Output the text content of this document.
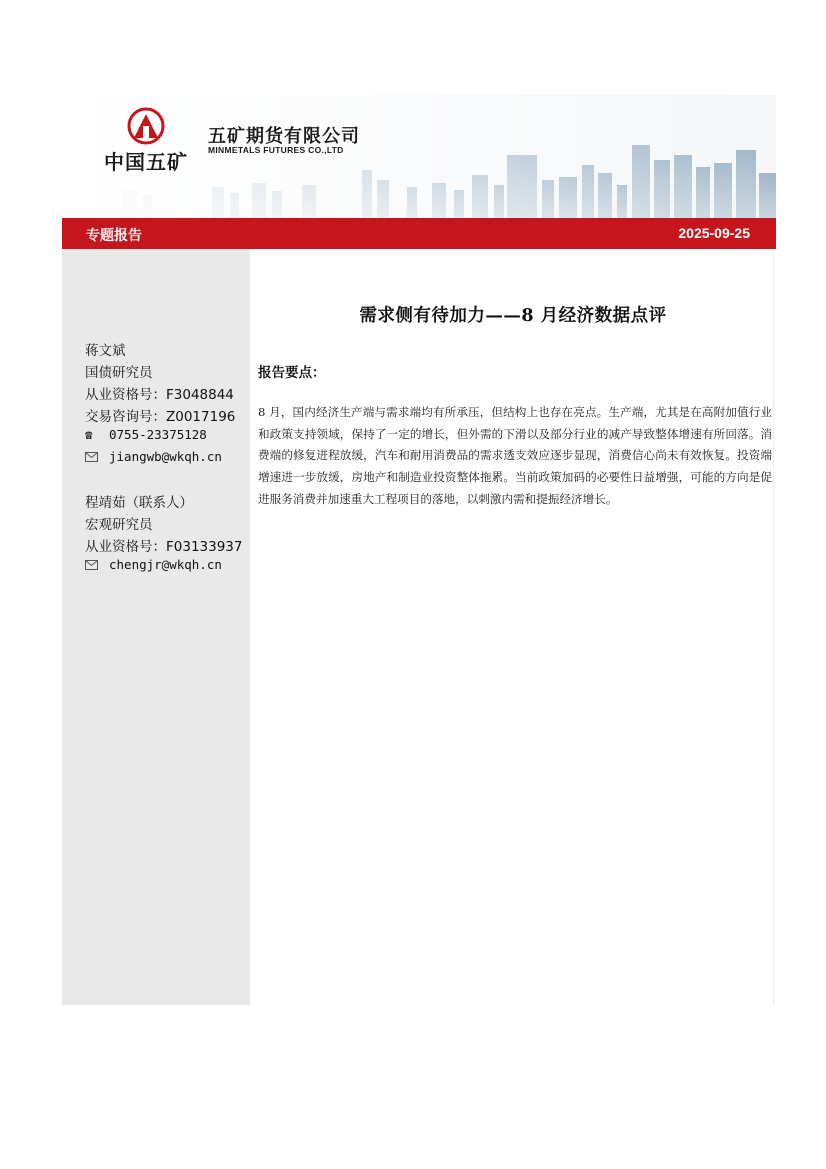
★ ★ ★
中国五矿
五矿期货有限公司
MINMETALS FUTURES CO.,LTD
专题报告	2025-09-25
蒋文斌
国债研究员
从业资格号：F3048844
交易咨询号：Z0017196
☎ 0755-23375128
jiangwb@wkqh.cn
程靖茹（联系人）
宏观研究员
从业资格号：F03133937
chengjr@wkqh.cn
需求侧有待加力——8 月经济数据点评
报告要点：
8 月，国内经济生产端与需求端均有所承压，但结构上也存在亮点。生产端，尤其是在高附加值行业和政策支持领域，保持了一定的增长，但外需的下滑以及部分行业的减产导致整体增速有所回落。消费端的修复进程放缓，汽车和耐用消费品的需求透支效应逐步显现，消费信心尚未有效恢复。投资端增速进一步放缓，房地产和制造业投资整体拖累。当前政策加码的必要性日益增强，可能的方向是促进服务消费并加速重大工程项目的落地，以刺激内需和提振经济增长。
